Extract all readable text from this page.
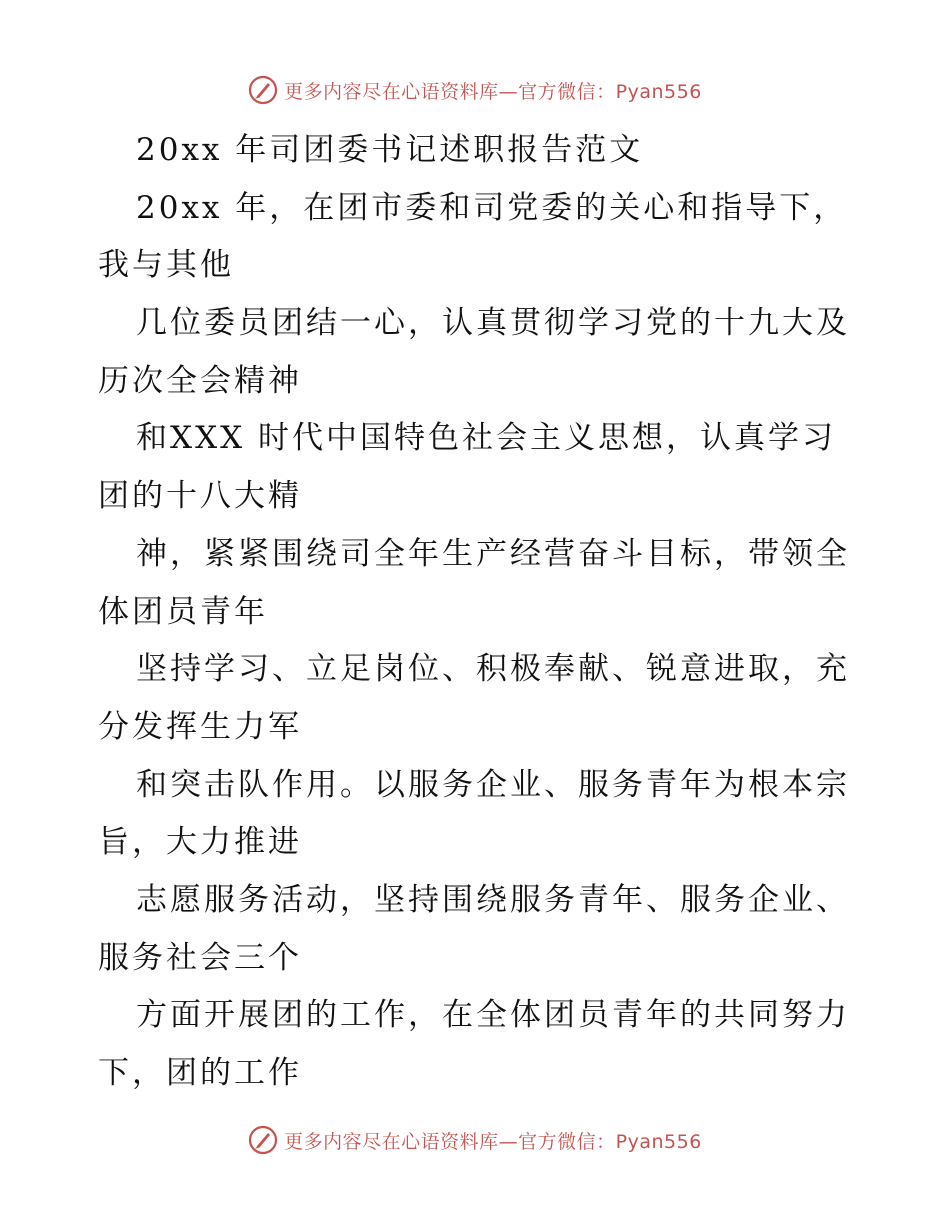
更多内容尽在心语资料库—官方微信：Pyan556
20xx 年司团委书记述职报告范文
20xx 年，在团市委和司党委的关心和指导下，
我与其他
几位委员团结一心，认真贯彻学习党的十九大及
历次全会精神
和XXX 时代中国特色社会主义思想，认真学习
团的十八大精
神，紧紧围绕司全年生产经营奋斗目标，带领全
体团员青年
坚持学习、立足岗位、积极奉献、锐意进取，充
分发挥生力军
和突击队作用。以服务企业、服务青年为根本宗
旨，大力推进
志愿服务活动，坚持围绕服务青年、服务企业、
服务社会三个
方面开展团的工作，在全体团员青年的共同努力
下，团的工作
更多内容尽在心语资料库—官方微信：Pyan556
